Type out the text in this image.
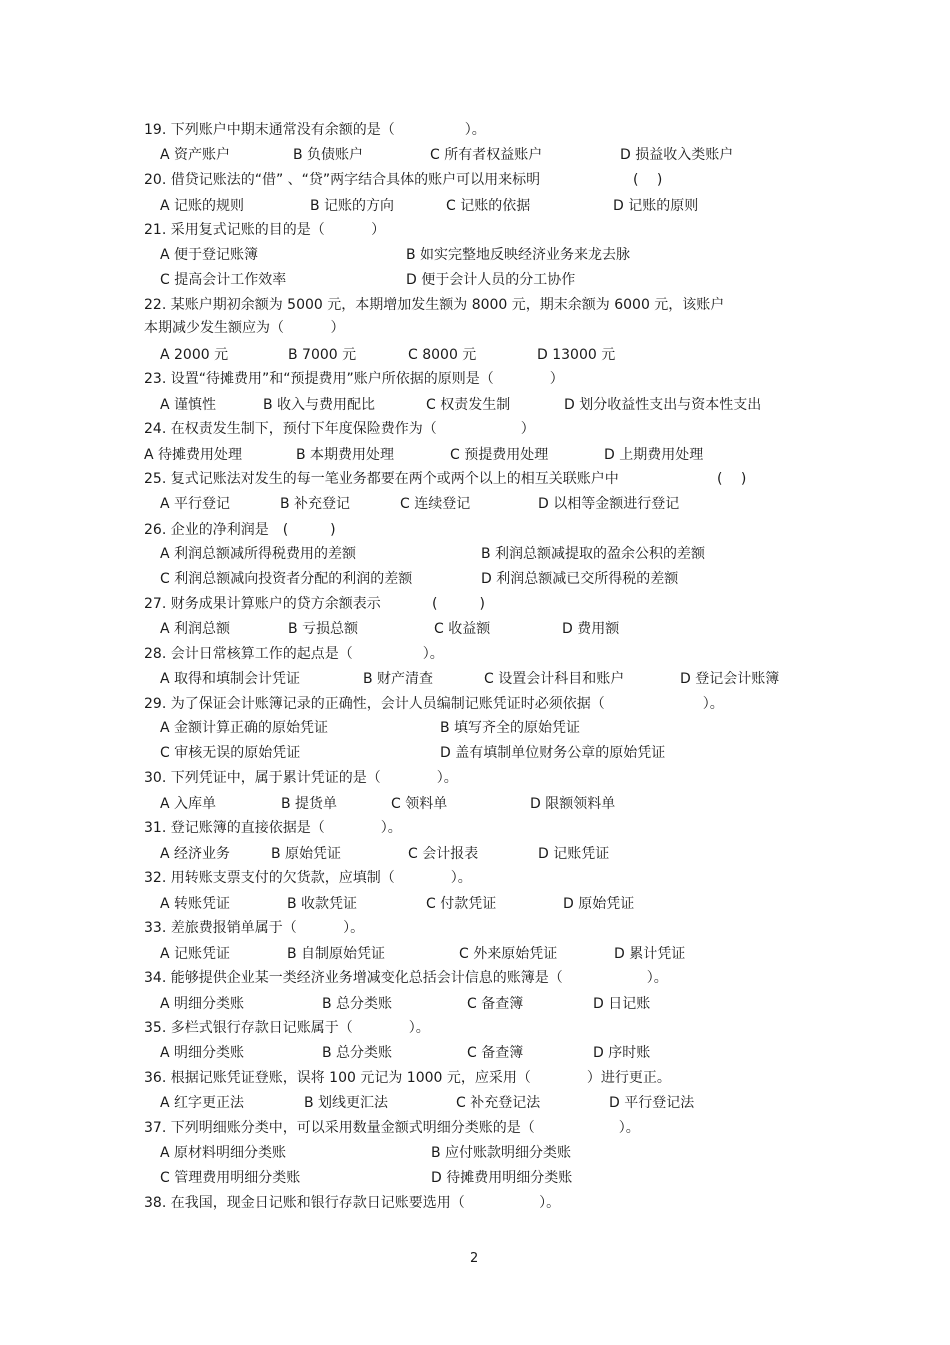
19. 下列账户中期末通常没有余额的是（　　　　　）。
A 资产账户	B 负债账户	C 所有者权益账户	D 损益收入类账户
20. 借贷记账法的“借” 、“贷”两字结合具体的账户可以用来标明	(　 )
A 记账的规则	B 记账的方向	C 记账的依据	D 记账的原则
21. 采用复式记账的目的是（　　　 ）
A 便于登记账簿	B 如实完整地反映经济业务来龙去脉
C 提高会计工作效率	D 便于会计人员的分工协作
22. 某账户期初余额为 5000 元，本期增加发生额为 8000 元，期末余额为 6000 元，该账户
本期减少发生额应为（　　　 ）
A 2000 元	B 7000 元	C 8000 元	D 13000 元
23. 设置“待摊费用”和“预提费用”账户所依据的原则是（　　　　）
A 谨慎性	B 收入与费用配比	C 权责发生制	D 划分收益性支出与资本性支出
24. 在权责发生制下，预付下年度保险费作为（　　　　　　）
A 待摊费用处理	B 本期费用处理	C 预提费用处理	D 上期费用处理
25. 复式记账法对发生的每一笔业务都要在两个或两个以上的相互关联账户中	(　 )
A 平行登记	B 补充登记	C 连续登记	D 以相等金额进行登记
26. 企业的净利润是　(　　　)
A 利润总额减所得税费用的差额	B 利润总额减提取的盈余公积的差额
C 利润总额减向投资者分配的利润的差额	D 利润总额减已交所得税的差额
27. 财务成果计算账户的贷方余额表示	(　　　)
A 利润总额	B 亏损总额	C 收益额	D 费用额
28. 会计日常核算工作的起点是（　　　　　）。
A 取得和填制会计凭证	B 财产清查	C 设置会计科目和账户	D 登记会计账簿
29. 为了保证会计账簿记录的正确性，会计人员编制记账凭证时必须依据（　　　　　　　）。
A 金额计算正确的原始凭证	B 填写齐全的原始凭证
C 审核无误的原始凭证	D 盖有填制单位财务公章的原始凭证
30. 下列凭证中，属于累计凭证的是（　　　　）。
A 入库单	B 提货单	C 领料单	D 限额领料单
31. 登记账簿的直接依据是（　　　　）。
A 经济业务	B 原始凭证	C 会计报表	D 记账凭证
32. 用转账支票支付的欠货款，应填制（　　　　）。
A 转账凭证	B 收款凭证	C 付款凭证	D 原始凭证
33. 差旅费报销单属于（　　　 ）。
A 记账凭证	B 自制原始凭证	C 外来原始凭证	D 累计凭证
34. 能够提供企业某一类经济业务增减变化总括会计信息的账簿是（　　　　　　）。
A 明细分类账	B 总分类账	C 备查簿	D 日记账
35. 多栏式银行存款日记账属于（　　　　）。
A 明细分类账	B 总分类账	C 备查簿	D 序时账
36. 根据记账凭证登账，误将 100 元记为 1000 元，应采用（　　　　）进行更正。
A 红字更正法	B 划线更汇法	C 补充登记法	D 平行登记法
37. 下列明细账分类中，可以采用数量金额式明细分类账的是（　　　　　　）。
A 原材料明细分类账	B 应付账款明细分类账
C 管理费用明细分类账	D 待摊费用明细分类账
38. 在我国，现金日记账和银行存款日记账要选用（　　　　　 ）。
2
